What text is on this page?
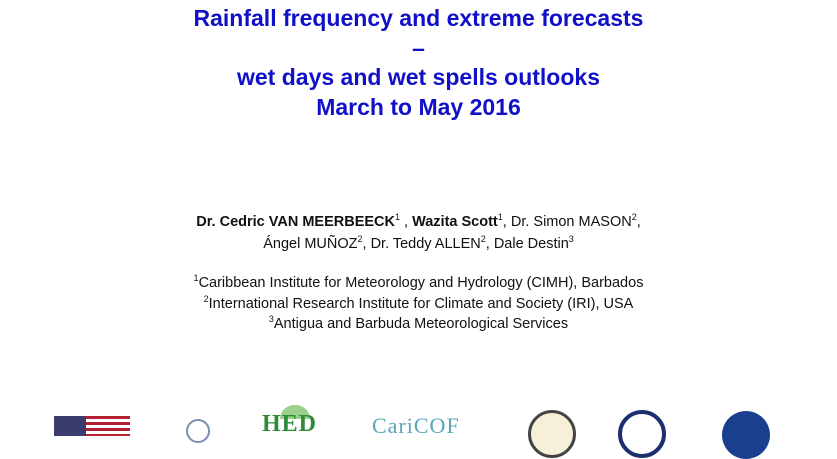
Rainfall frequency and extreme forecasts
–
wet days and wet spells outlooks
March to May 2016
Dr. Cedric VAN MEERBEECK$^1$ , Wazita Scott$^1$, Dr. Simon MASON$^2$,
Ángel MUÑOZ$^2$, Dr. Teddy ALLEN$^2$, Dale Destin$^3$
$^1$Caribbean Institute for Meteorology and Hydrology (CIMH), Barbados
$^2$International Research Institute for Climate and Society (IRI), USA
$^3$Antigua and Barbuda Meteorological Services
HED CariCOF
